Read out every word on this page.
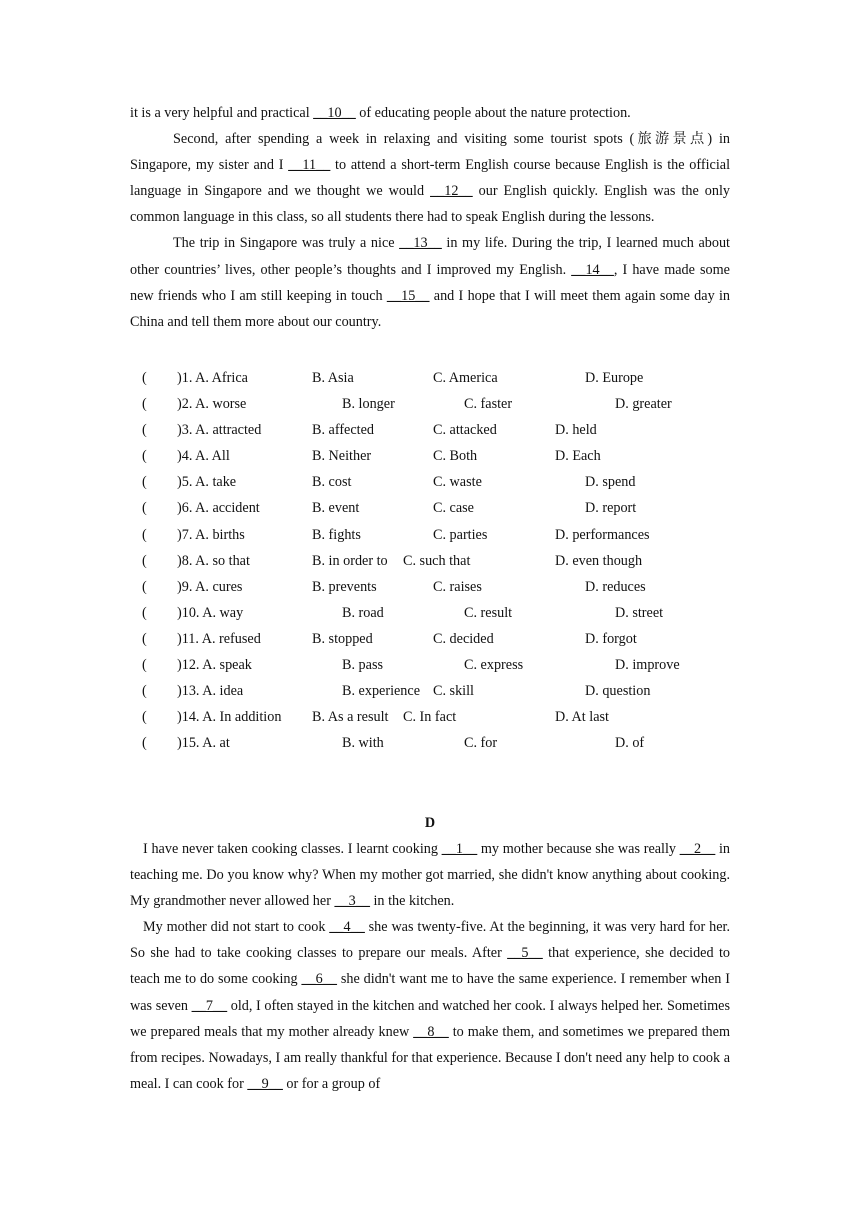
it is a very helpful and practical __10__ of educating people about the nature protection.

Second, after spending a week in relaxing and visiting some tourist spots (旅游景点) in Singapore, my sister and I __11__ to attend a short-term English course because English is the official language in Singapore and we thought we would __12__ our English quickly. English was the only common language in this class, so all students there had to speak English during the lessons.

The trip in Singapore was truly a nice __13__ in my life. During the trip, I learned much about other countries’ lives, other people’s thoughts and I improved my English. __14__, I have made some new friends who I am still keeping in touch __15__ and I hope that I will meet them again some day in China and tell them more about our country.

( )1. A. Africa	B. Asia	C. America	D. Europe
( )2. A. worse	B. longer	C. faster	D. greater
( )3. A. attracted	B. affected	C. attacked	D. held
( )4. A. All	B. Neither	C. Both	D. Each
( )5. A. take	B. cost	C. waste	D. spend
( )6. A. accident	B. event	C. case	D. report
( )7. A. births	B. fights	C. parties	D. performances
( )8. A. so that	B. in order to C. such that	D. even though
( )9. A. cures	B. prevents	C. raises	D. reduces
( )10. A. way	B. road	C. result	D. street
( )11. A. refused	B. stopped	C. decided	D. forgot
( )12. A. speak	B. pass	C. express	D. improve
( )13. A. idea	B. experience C. skill	D. question
( )14. A. In addition B. As a result C. In fact	D. At last
( )15. A. at	B. with	C. for	D. of
D

I have never taken cooking classes. I learnt cooking __1__ my mother because she was really __2__ in teaching me. Do you know why? When my mother got married, she didn't know anything about cooking. My grandmother never allowed her __3__ in the kitchen.

My mother did not start to cook __4__ she was twenty-five. At the beginning, it was very hard for her. So she had to take cooking classes to prepare our meals. After __5__ that experience, she decided to teach me to do some cooking __6__ she didn't want me to have the same experience. I remember when I was seven __7__ old, I often stayed in the kitchen and watched her cook. I always helped her. Sometimes we prepared meals that my mother already knew __8__ to make them, and sometimes we prepared them from recipes. Nowadays, I am really thankful for that experience. Because I don't need any help to cook a meal. I can cook for __9__ or for a group of
